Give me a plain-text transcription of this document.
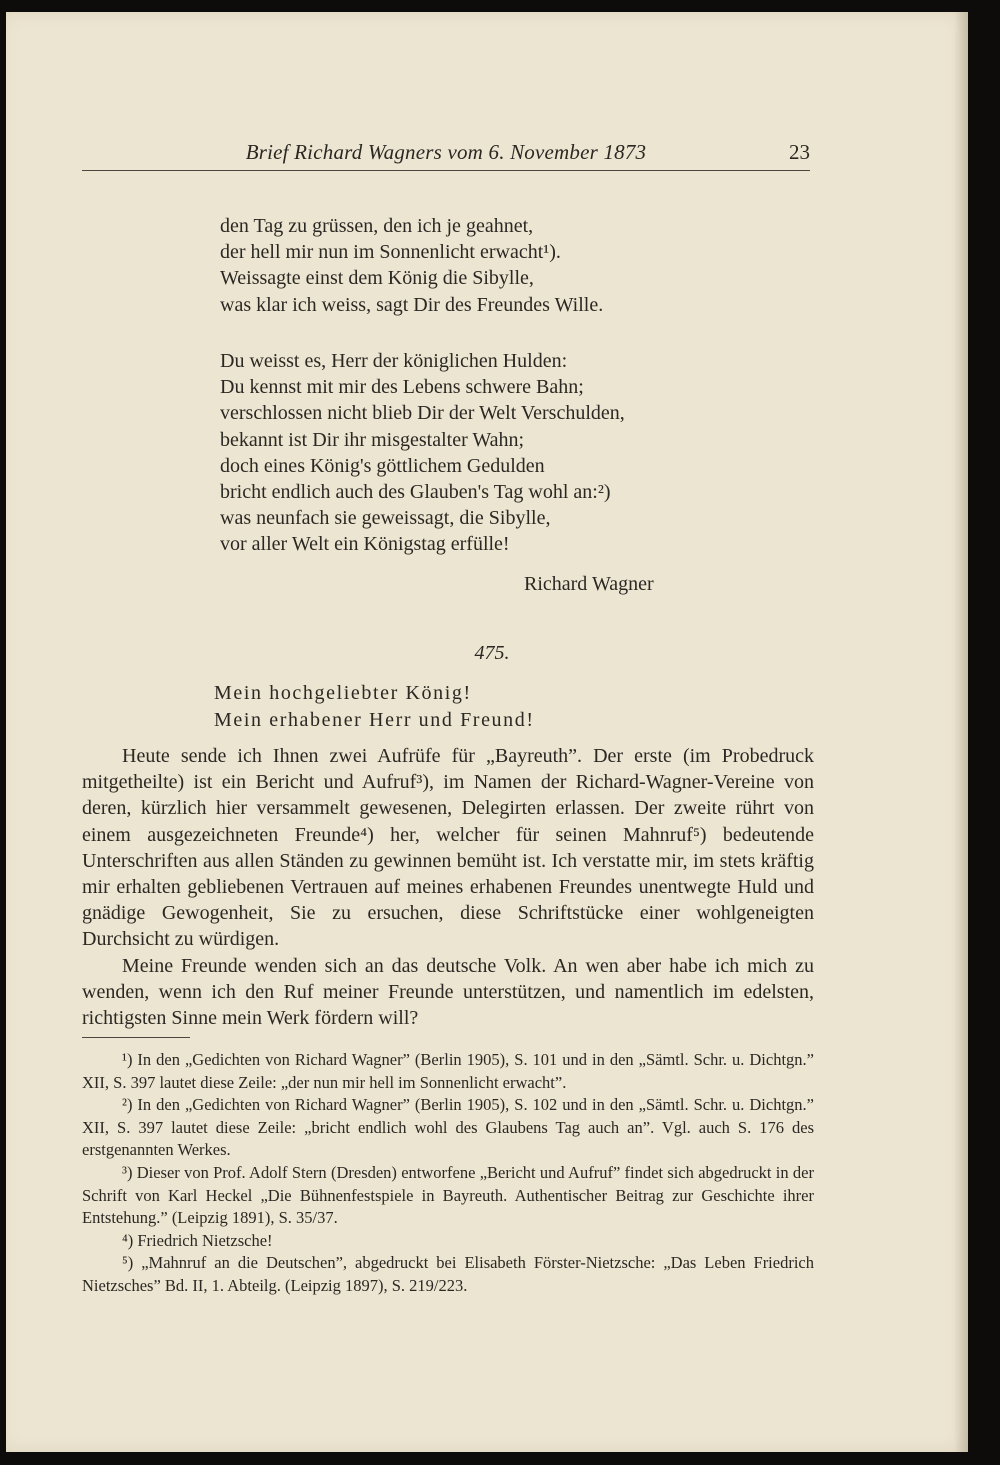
Brief Richard Wagners vom 6. November 1873	23
den Tag zu grüssen, den ich je geahnet,
der hell mir nun im Sonnenlicht erwacht¹).
Weissagte einst dem König die Sibylle,
was klar ich weiss, sagt Dir des Freundes Wille.
Du weisst es, Herr der königlichen Hulden:
Du kennst mit mir des Lebens schwere Bahn;
verschlossen nicht blieb Dir der Welt Verschulden,
bekannt ist Dir ihr misgestalter Wahn;
doch eines König's göttlichem Gedulden
bricht endlich auch des Glauben's Tag wohl an:²)
was neunfach sie geweissagt, die Sibylle,
vor aller Welt ein Königstag erfülle!
Richard Wagner
475.
Mein hochgeliebter König!
Mein erhabener Herr und Freund!

Heute sende ich Ihnen zwei Aufrüfe für „Bayreuth”. Der erste (im Probedruck mitgetheilte) ist ein Bericht und Aufruf³), im Namen der Richard-Wagner-Vereine von deren, kürzlich hier versammelt gewesenen, Delegirten erlassen. Der zweite rührt von einem ausgezeichneten Freunde⁴) her, welcher für seinen Mahnruf⁵) bedeutende Unterschriften aus allen Ständen zu gewinnen bemüht ist. Ich verstatte mir, im stets kräftig mir erhalten gebliebenen Vertrauen auf meines erhabenen Freundes unentwegte Huld und gnädige Gewogenheit, Sie zu ersuchen, diese Schriftstücke einer wohlgeneigten Durchsicht zu würdigen.

Meine Freunde wenden sich an das deutsche Volk. An wen aber habe ich mich zu wenden, wenn ich den Ruf meiner Freunde unterstützen, und namentlich im edelsten, richtigsten Sinne mein Werk fördern will?

¹) In den „Gedichten von Richard Wagner” (Berlin 1905), S. 101 und in den „Sämtl. Schr. u. Dichtgn.” XII, S. 397 lautet diese Zeile: „der nun mir hell im Sonnenlicht erwacht”.

²) In den „Gedichten von Richard Wagner” (Berlin 1905), S. 102 und in den „Sämtl. Schr. u. Dichtgn.” XII, S. 397 lautet diese Zeile: „bricht endlich wohl des Glaubens Tag auch an”. Vgl. auch S. 176 des erstgenannten Werkes.

³) Dieser von Prof. Adolf Stern (Dresden) entworfene „Bericht und Aufruf” findet sich abgedruckt in der Schrift von Karl Heckel „Die Bühnenfestspiele in Bayreuth. Authentischer Beitrag zur Geschichte ihrer Entstehung.” (Leipzig 1891), S. 35/37.

⁴) Friedrich Nietzsche!

⁵) „Mahnruf an die Deutschen”, abgedruckt bei Elisabeth Förster-Nietzsche: „Das Leben Friedrich Nietzsches” Bd. II, 1. Abteilg. (Leipzig 1897), S. 219/223.
